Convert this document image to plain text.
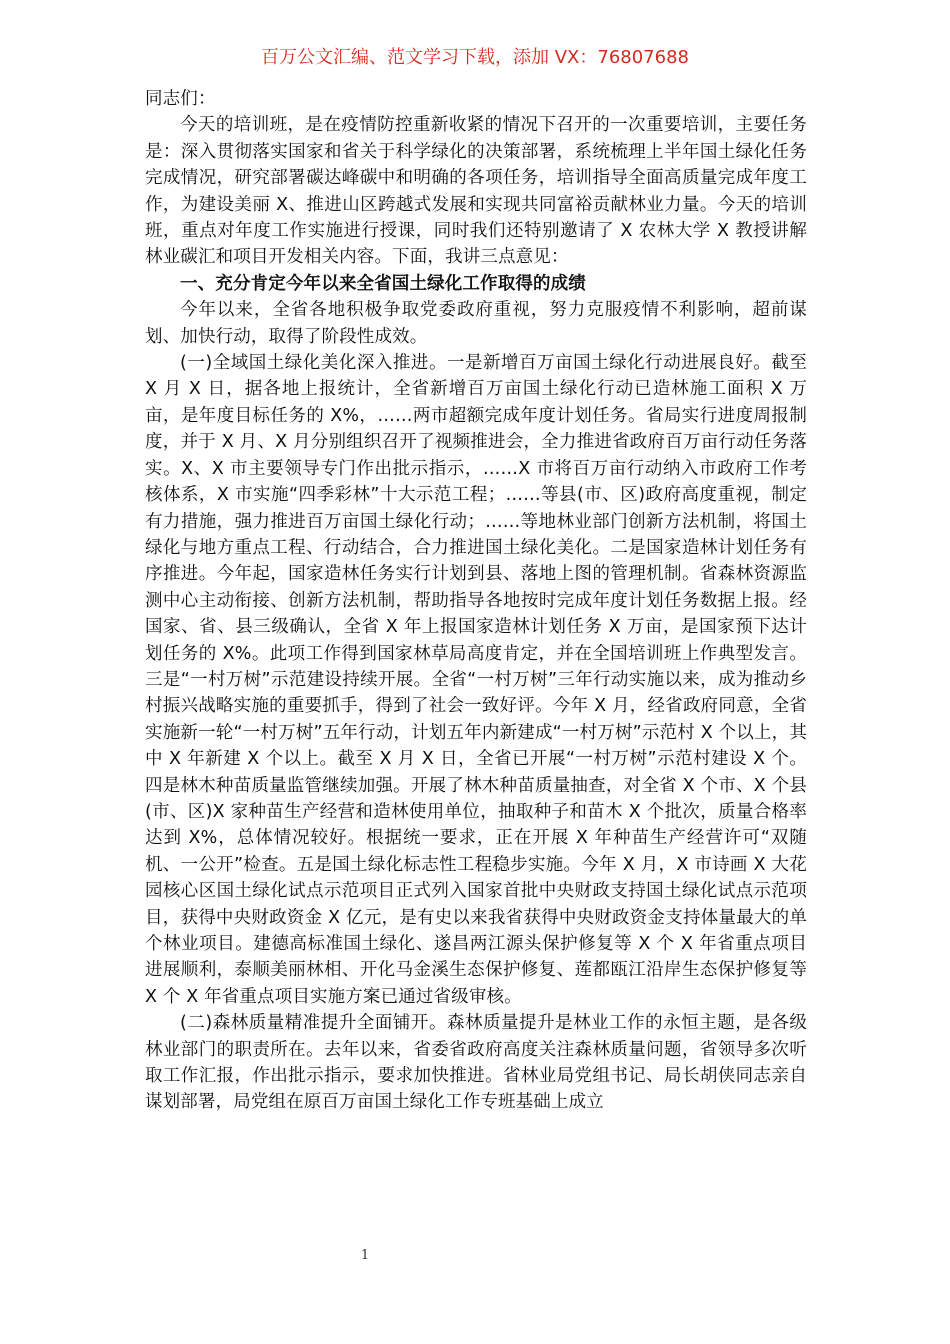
百万公文汇编、范文学习下载，添加 VX：76807688

同志们：

今天的培训班，是在疫情防控重新收紧的情况下召开的一次重要培训，主要任务是：深入贯彻落实国家和省关于科学绿化的决策部署，系统梳理上半年国土绿化任务完成情况，研究部署碳达峰碳中和明确的各项任务，培训指导全面高质量完成年度工作，为建设美丽 X、推进山区跨越式发展和实现共同富裕贡献林业力量。今天的培训班，重点对年度工作实施进行授课，同时我们还特别邀请了 X 农林大学 X 教授讲解林业碳汇和项目开发相关内容。下面，我讲三点意见：

一、充分肯定今年以来全省国土绿化工作取得的成绩

今年以来，全省各地积极争取党委政府重视，努力克服疫情不利影响，超前谋划、加快行动，取得了阶段性成效。

(一)全域国土绿化美化深入推进。一是新增百万亩国土绿化行动进展良好。截至 X 月 X 日，据各地上报统计，全省新增百万亩国土绿化行动已造林施工面积 X 万亩，是年度目标任务的 X%，……两市超额完成年度计划任务。省局实行进度周报制度，并于 X 月、X 月分别组织召开了视频推进会，全力推进省政府百万亩行动任务落实。X、X 市主要领导专门作出批示指示，……X 市将百万亩行动纳入市政府工作考核体系，X 市实施“四季彩林”十大示范工程；……等县(市、区)政府高度重视，制定有力措施，强力推进百万亩国土绿化行动；……等地林业部门创新方法机制，将国土绿化与地方重点工程、行动结合，合力推进国土绿化美化。二是国家造林计划任务有序推进。今年起，国家造林任务实行计划到县、落地上图的管理机制。省森林资源监测中心主动衔接、创新方法机制，帮助指导各地按时完成年度计划任务数据上报。经国家、省、县三级确认，全省 X 年上报国家造林计划任务 X 万亩，是国家预下达计划任务的 X%。此项工作得到国家林草局高度肯定，并在全国培训班上作典型发言。三是“一村万树”示范建设持续开展。全省“一村万树”三年行动实施以来，成为推动乡村振兴战略实施的重要抓手，得到了社会一致好评。今年 X 月，经省政府同意，全省实施新一轮“一村万树”五年行动，计划五年内新建成“一村万树”示范村 X 个以上，其中 X 年新建 X 个以上。截至 X 月 X 日，全省已开展“一村万树”示范村建设 X 个。四是林木种苗质量监管继续加强。开展了林木种苗质量抽查，对全省 X 个市、X 个县(市、区)X 家种苗生产经营和造林使用单位，抽取种子和苗木 X 个批次，质量合格率达到 X%，总体情况较好。根据统一要求，正在开展 X 年种苗生产经营许可“双随机、一公开”检查。五是国土绿化标志性工程稳步实施。今年 X 月，X 市诗画 X 大花园核心区国土绿化试点示范项目正式列入国家首批中央财政支持国土绿化试点示范项目，获得中央财政资金 X 亿元，是有史以来我省获得中央财政资金支持体量最大的单个林业项目。建德高标准国土绿化、遂昌两江源头保护修复等 X 个 X 年省重点项目进展顺利，泰顺美丽林相、开化马金溪生态保护修复、莲都瓯江沿岸生态保护修复等 X 个 X 年省重点项目实施方案已通过省级审核。

(二)森林质量精准提升全面铺开。森林质量提升是林业工作的永恒主题，是各级林业部门的职责所在。去年以来，省委省政府高度关注森林质量问题，省领导多次听取工作汇报，作出批示指示，要求加快推进。省林业局党组书记、局长胡侠同志亲自谋划部署，局党组在原百万亩国土绿化工作专班基础上成立

1
